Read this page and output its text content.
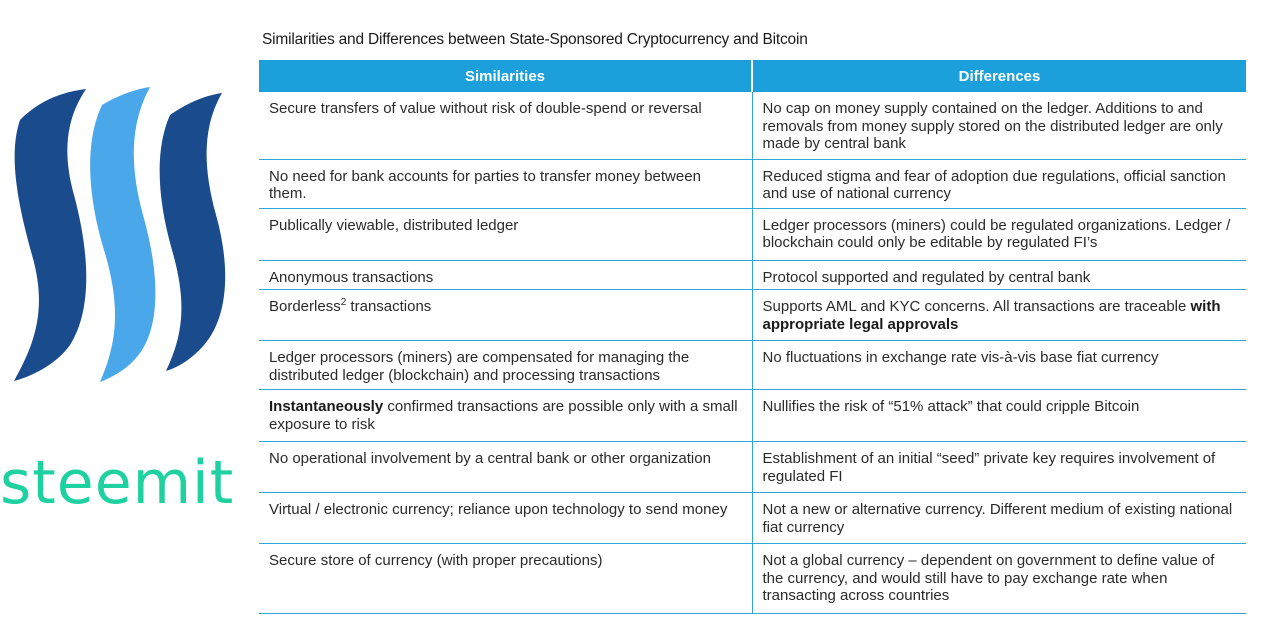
steemit
Similarities and Differences between State-Sponsored Cryptocurrency and Bitcoin
Similarities	Differences
Secure transfers of value without risk of double-spend or reversal	No cap on money supply contained on the ledger. Additions to and removals from money supply stored on the distributed ledger are only made by central bank
No need for bank accounts for parties to transfer money between them.	Reduced stigma and fear of adoption due regulations, official sanction and use of national currency
Publically viewable, distributed ledger	Ledger processors (miners) could be regulated organizations. Ledger / blockchain could only be editable by regulated FI’s
Anonymous transactions	Protocol supported and regulated by central bank
Borderless$^2$ transactions	Supports AML and KYC concerns. All transactions are traceable with appropriate legal approvals
Ledger processors (miners) are compensated for managing the distributed ledger (blockchain) and processing transactions	No fluctuations in exchange rate vis-à-vis base fiat currency
Instantaneously confirmed transactions are possible only with a small exposure to risk	Nullifies the risk of “51% attack” that could cripple Bitcoin
No operational involvement by a central bank or other organization	Establishment of an initial “seed” private key requires involvement of regulated FI
Virtual / electronic currency; reliance upon technology to send money	Not a new or alternative currency. Different medium of existing national fiat currency
Secure store of currency (with proper precautions)	Not a global currency – dependent on government to define value of the currency, and would still have to pay exchange rate when transacting across countries
